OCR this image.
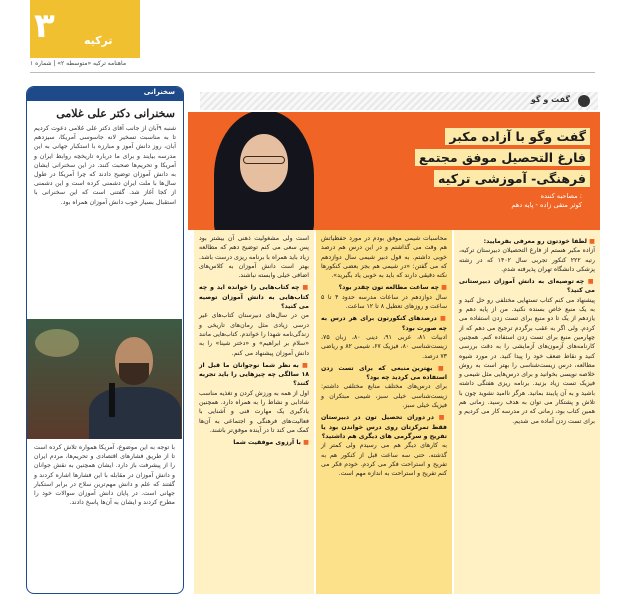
۳	ترکیه
ماهنامه ترکیه «متوسطه ۲» | شماره ۱
سخنرانی
سخنرانی دکتر علی غلامی

شنبه ۹آبان از جانب آقای دکتر علی غلامی دعوت کردیم تا به مناسبت تسخیر لانه جاسوسی آمریکا، سیزدهم آبان، روز دانش آموز و مبارزه با استکبار جهانی به این مدرسه بیایند و برای ما درباره تاریخچه روابط ایران و آمریکا و تحریم‌ها صحبت کنند. در این سخنرانی ایشان به دانش آموزان توضیح دادند که چرا آمریکا در طول سال‌ها با ملت ایران دشمنی کرده است و این دشمنی از کجا آغاز شد. گفتنی است که این سخنرانی با استقبال بسیار خوب دانش آموزان همراه بود.

با توجه به این موضوع، آمریکا همواره تلاش کرده است تا از طریق فشارهای اقتصادی و تحریم‌ها، مردم ایران را از پیشرفت باز دارد. ایشان همچنین به نقش جوانان و دانش آموزان در مقابله با این فشارها اشاره کردند و گفتند که علم و دانش مهم‌ترین سلاح در برابر استکبار جهانی است. در پایان دانش آموزان سوالات خود را مطرح کردند و ایشان به آن‌ها پاسخ دادند.

گفت و گو
گفت وگو با آزاده مکبر
فارغ التحصیل موفق مجتمع
فرهنگی- آموزشی ترکیه
مصاحبه کننده :
کوثر متقی زاده - پایه دهم
■ لطفا خودتون رو معرفی بفرمایید:
آزاده مکبر هستم از فارغ التحصیلان دبیرستان ترکیه، رتبه ۲۲۲ کنکور تجربی سال ۱۴۰۲ که در رشته پزشکی دانشگاه تهران پذیرفته شدم.
■ چه توصیه‌ای به دانش آموزان دبیرستانی می کنید؟
پیشنهاد می کنم کتاب تستهایی مختلفی رو حل کنید و به یک منبع خاص بسنده نکنید. من از پایه دهم و یازدهم از یک تا دو منبع برای تست زدن استفاده می کردم. ولی اگر به عقب برگردم ترجیح می دهم که از چهارمین منبع برای تست زدن استفاده کنم. همچنین کارنامه‌های آزمون‌های آزمایشی را به دقت بررسی کنید و نقاط ضعف خود را پیدا کنید. در مورد شیوه مطالعه، درس زیست‌شناسی را بهتر است به روش خلاصه نویسی بخوانید و برای درس‌هایی مثل شیمی و فیزیک تست زیاد بزنید. برنامه ریزی هفتگی داشته باشید و به آن پایبند بمانید. هرگز ناامید نشوید چون با تلاش و پشتکار می توان به هدف رسید. زمانی هم همین کتاب بود، زمانی که در مدرسه کار می کردیم و برای تست زدن آماده می شدیم.
محاسبات شیمی موفق بودم در مورد حفظیاتش هم وقت می گذاشتم و در این درس هم درصد خوبی داشتم. به قول دبیر شیمی سال دوازدهم که می گفتن: «در شیمی هم بجز بعضی کنکورها نکته دقیقی دارند که باید به خوبی یاد بگیرید».
■ چه ساعت مطالعه تون چقدر بود؟
سال دوازدهم در ساعات مدرسه حدود ۴ تا ۵ ساعت و روزهای تعطیل ۸ تا ۱۲ ساعت.
■ درصدهای کنکورتون برای هر درس به چه صورت بود؟
ادبیات ۸۱، عربی ۹۱، دینی ۸۰، زبان ۷۵، زیست‌شناسی ۸۰، فیزیک ۶۷، شیمی ۸۲ و ریاضی ۷۳ درصد.
■ بهترین منبعی که برای تست زدن استفاده می کردید چه بود؟
برای درس‌های مختلف منابع مختلفی داشتم: زیست‌شناسی خیلی سبز، شیمی مبتکران و فیزیک خیلی سبز.
■ در دوران تحصیل تون در دبیرستان فقط تمرکزتان روی درس خواندن بود یا تفریح و سرگرمی های دیگری هم داشتید؟
به کارهای دیگر هم می رسیدم ولی کمتر از گذشته. حتی سه ساعت قبل از کنکور هم به تفریح و استراحت فکر می کردم. خودم فکر می کنم تفریح و استراحت به اندازه مهم است.
است ولی مشغولیت ذهنی آن بیشتر بود پس سعی می کنم توضیح دهم که مطالعه زیاد باید همراه با برنامه ریزی درست باشد. بهتر است دانش آموزان به کلاس‌های اضافی خیلی وابسته نباشند.
■ چه کتاب‌هایی را خوانده اید و چه کتاب‌هایی به دانش آموزان توصیه می کنید؟
من در سال‌های دبیرستان کتاب‌های غیر درسی زیادی مثل رمان‌های تاریخی و زندگی‌نامه شهدا را خواندم. کتاب‌هایی مانند «سلام بر ابراهیم» و «دختر شینا» را به دانش آموزان پیشنهاد می کنم.
■ به نظر شما نوجوانان ما قبل از ۱۸ سالگی چه چیزهایی را باید تجربه کنند؟
اول از همه به ورزش کردن و تغذیه مناسب شادابی و نشاط را به همراه دارد. همچنین یادگیری یک مهارت فنی و آشنایی با فعالیت‌های فرهنگی و اجتماعی به آن‌ها کمک می کند تا در آینده موفق‌تر باشند.
■ با آرزوی موفقیت شما
